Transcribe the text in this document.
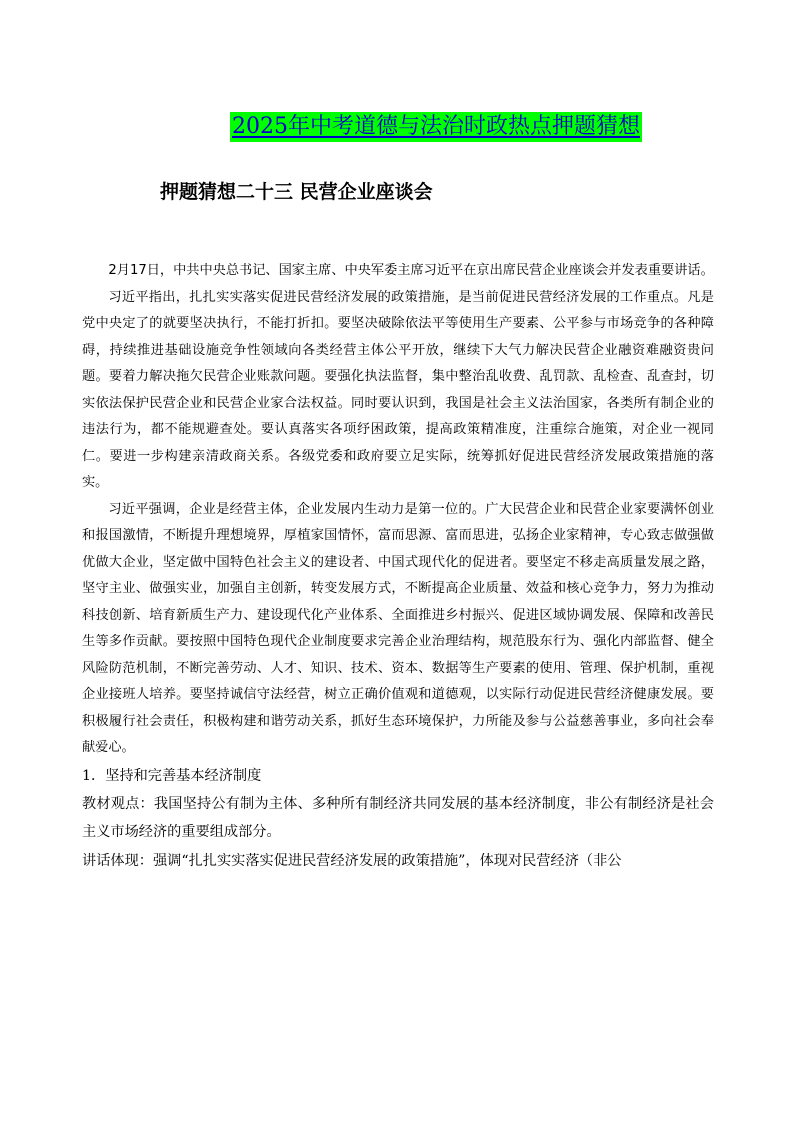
2025年中考道德与法治时政热点押题猜想
押题猜想二十三 民营企业座谈会

2月17日，中共中央总书记、国家主席、中央军委主席习近平在京出席民营企业座谈会并发表重要讲话。

习近平指出，扎扎实实落实促进民营经济发展的政策措施，是当前促进民营经济发展的工作重点。凡是党中央定了的就要坚决执行，不能打折扣。要坚决破除依法平等使用生产要素、公平参与市场竞争的各种障碍，持续推进基础设施竞争性领域向各类经营主体公平开放，继续下大气力解决民营企业融资难融资贵问题。要着力解决拖欠民营企业账款问题。要强化执法监督，集中整治乱收费、乱罚款、乱检查、乱查封，切实依法保护民营企业和民营企业家合法权益。同时要认识到，我国是社会主义法治国家，各类所有制企业的违法行为，都不能规避查处。要认真落实各项纾困政策，提高政策精准度，注重综合施策，对企业一视同仁。要进一步构建亲清政商关系。各级党委和政府要立足实际，统筹抓好促进民营经济发展政策措施的落实。

习近平强调，企业是经营主体，企业发展内生动力是第一位的。广大民营企业和民营企业家要满怀创业和报国激情，不断提升理想境界，厚植家国情怀，富而思源、富而思进，弘扬企业家精神，专心致志做强做优做大企业，坚定做中国特色社会主义的建设者、中国式现代化的促进者。要坚定不移走高质量发展之路，坚守主业、做强实业，加强自主创新，转变发展方式，不断提高企业质量、效益和核心竞争力，努力为推动科技创新、培育新质生产力、建设现代化产业体系、全面推进乡村振兴、促进区域协调发展、保障和改善民生等多作贡献。要按照中国特色现代企业制度要求完善企业治理结构，规范股东行为、强化内部监督、健全风险防范机制，不断完善劳动、人才、知识、技术、资本、数据等生产要素的使用、管理、保护机制，重视企业接班人培养。要坚持诚信守法经营，树立正确价值观和道德观，以实际行动促进民营经济健康发展。要积极履行社会责任，积极构建和谐劳动关系，抓好生态环境保护，力所能及参与公益慈善事业，多向社会奉献爱心。

1．坚持和完善基本经济制度

教材观点：我国坚持公有制为主体、多种所有制经济共同发展的基本经济制度，非公有制经济是社会主义市场经济的重要组成部分。

讲话体现：强调“扎扎实实落实促进民营经济发展的政策措施”，体现对民营经济（非公
